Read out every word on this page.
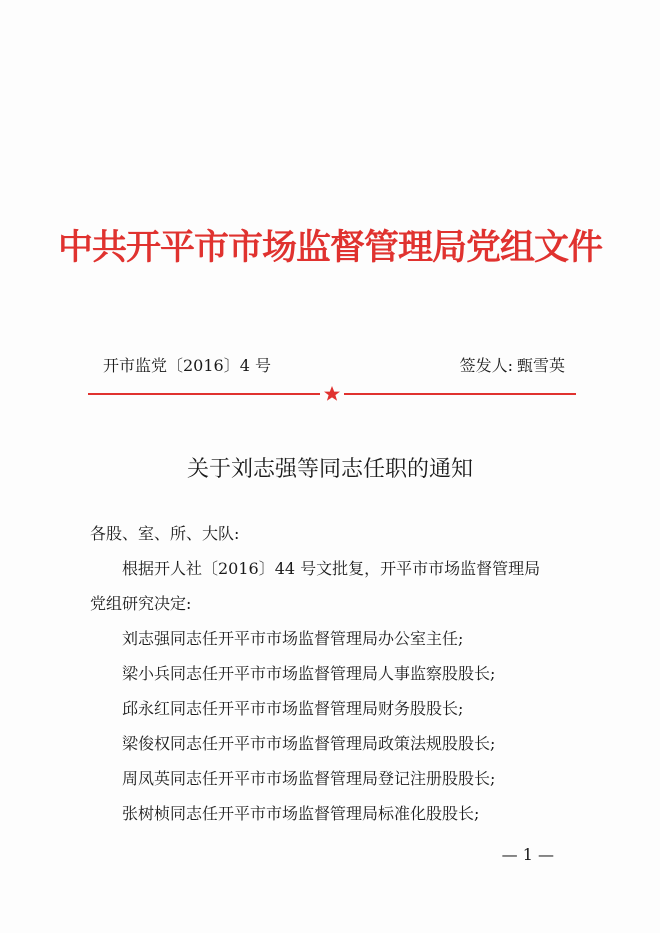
中共开平市市场监督管理局党组文件
开市监党〔2016〕4 号	签发人: 甄雪英
关于刘志强等同志任职的通知
各股、室、所、大队:
根据开人社〔2016〕44 号文批复，开平市市场监督管理局
党组研究决定:
刘志强同志任开平市市场监督管理局办公室主任;
梁小兵同志任开平市市场监督管理局人事监察股股长;
邱永红同志任开平市市场监督管理局财务股股长;
梁俊权同志任开平市市场监督管理局政策法规股股长;
周凤英同志任开平市市场监督管理局登记注册股股长;
张树桢同志任开平市市场监督管理局标准化股股长;
— 1 —
